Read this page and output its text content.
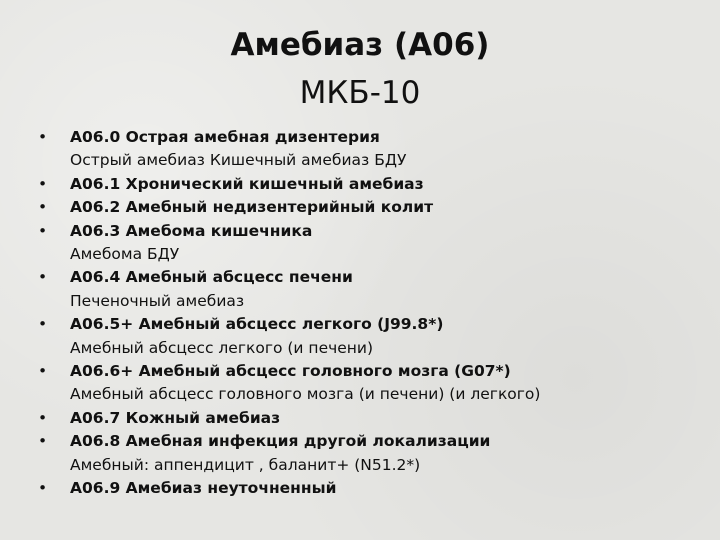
Амебиаз (А06)
МКБ-10
•	A06.0 Острая амебная дизентерия
Острый амебиаз Кишечный амебиаз БДУ
•	A06.1 Хронический кишечный амебиаз
•	A06.2 Амебный недизентерийный колит
•	A06.3 Амебома кишечника
Амебома БДУ
•	A06.4 Амебный абсцесс печени
Печеночный амебиаз
•	A06.5+ Амебный абсцесс легкого (J99.8*)
Амебный абсцесс легкого (и печени)
•	A06.6+ Амебный абсцесс головного мозга (G07*)
Амебный абсцесс головного мозга (и печени) (и легкого)
•	A06.7 Кожный амебиаз
•	A06.8 Амебная инфекция другой локализации
Амебный: аппендицит , баланит+ (N51.2*)
•	A06.9 Амебиаз неуточненный
